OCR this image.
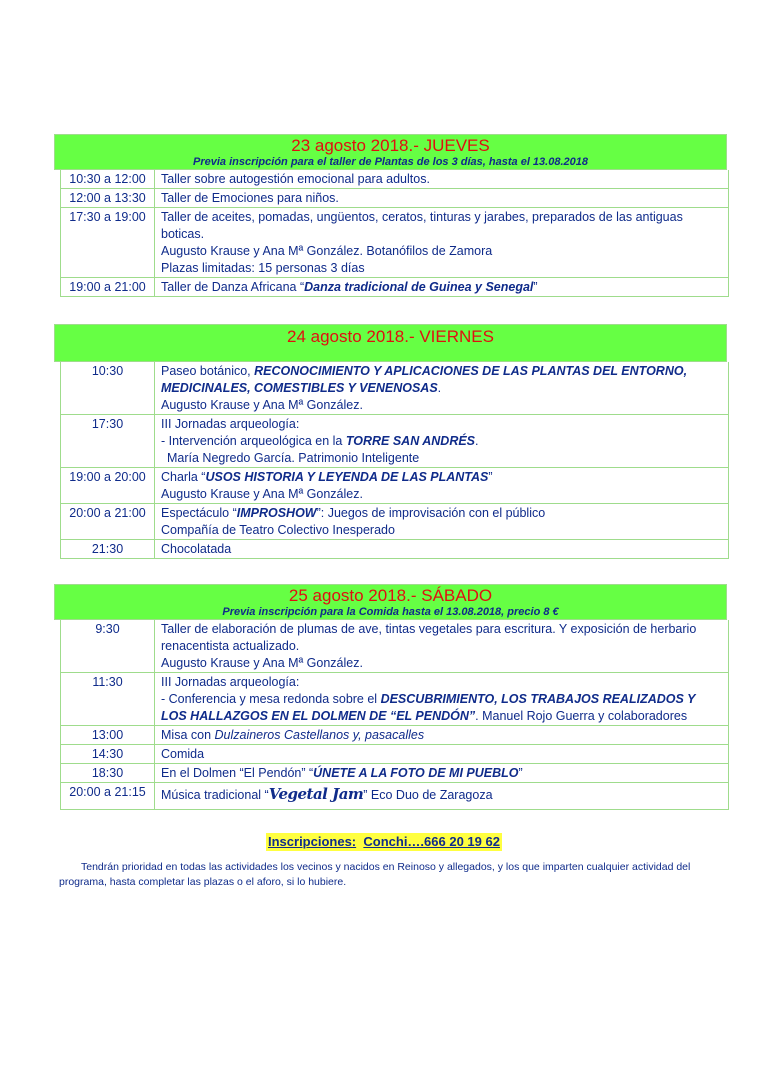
23 agosto 2018.- JUEVES
Previa inscripción para el taller de Plantas de los 3 días, hasta el 13.08.2018
10:30 a 12:00	Taller sobre autogestión emocional para adultos.
12:00 a 13:30	Taller de Emociones para niños.
17:30 a 19:00	Taller de aceites, pomadas, ungüentos, ceratos, tinturas y jarabes, preparados de las antiguas
boticas.
Augusto Krause y Ana Mª González. Botanófilos de Zamora
Plazas limitadas: 15 personas 3 días
19:00 a 21:00	Taller de Danza Africana “Danza tradicional de Guinea y Senegal”
24 agosto 2018.- VIERNES
10:30	Paseo botánico, RECONOCIMIENTO Y APLICACIONES DE LAS PLANTAS DEL ENTORNO,
MEDICINALES, COMESTIBLES Y VENENOSAS.
Augusto Krause y Ana Mª González.
17:30	III Jornadas arqueología:
- Intervención arqueológica en la TORRE SAN ANDRÉS.
María Negredo García. Patrimonio Inteligente
19:00 a 20:00	Charla “USOS HISTORIA Y LEYENDA DE LAS PLANTAS”
Augusto Krause y Ana Mª González.
20:00 a 21:00	Espectáculo “IMPROSHOW”: Juegos de improvisación con el público
Compañía de Teatro Colectivo Inesperado
21:30	Chocolatada
25 agosto 2018.- SÁBADO
Previa inscripción para la Comida hasta el 13.08.2018, precio 8 €
9:30	Taller de elaboración de plumas de ave, tintas vegetales para escritura. Y exposición de herbario
renacentista actualizado.
Augusto Krause y Ana Mª González.
11:30	III Jornadas arqueología:
- Conferencia y mesa redonda sobre el DESCUBRIMIENTO, LOS TRABAJOS REALIZADOS Y
LOS HALLAZGOS EN EL DOLMEN DE “EL PENDÓN”. Manuel Rojo Guerra y colaboradores
13:00	Misa con Dulzaineros Castellanos y, pasacalles
14:30	Comida
18:30	En el Dolmen “El Pendón” “ÚNETE A LA FOTO DE MI PUEBLO”
20:00 a 21:15	Música tradicional “Vegetal Jam” Eco Duo de Zaragoza
Inscripciones: Conchi….666 20 19 62
Tendrán prioridad en todas las actividades los vecinos y nacidos en Reinoso y allegados, y los que imparten cualquier actividad del programa, hasta completar las plazas o el aforo, si lo hubiere.
